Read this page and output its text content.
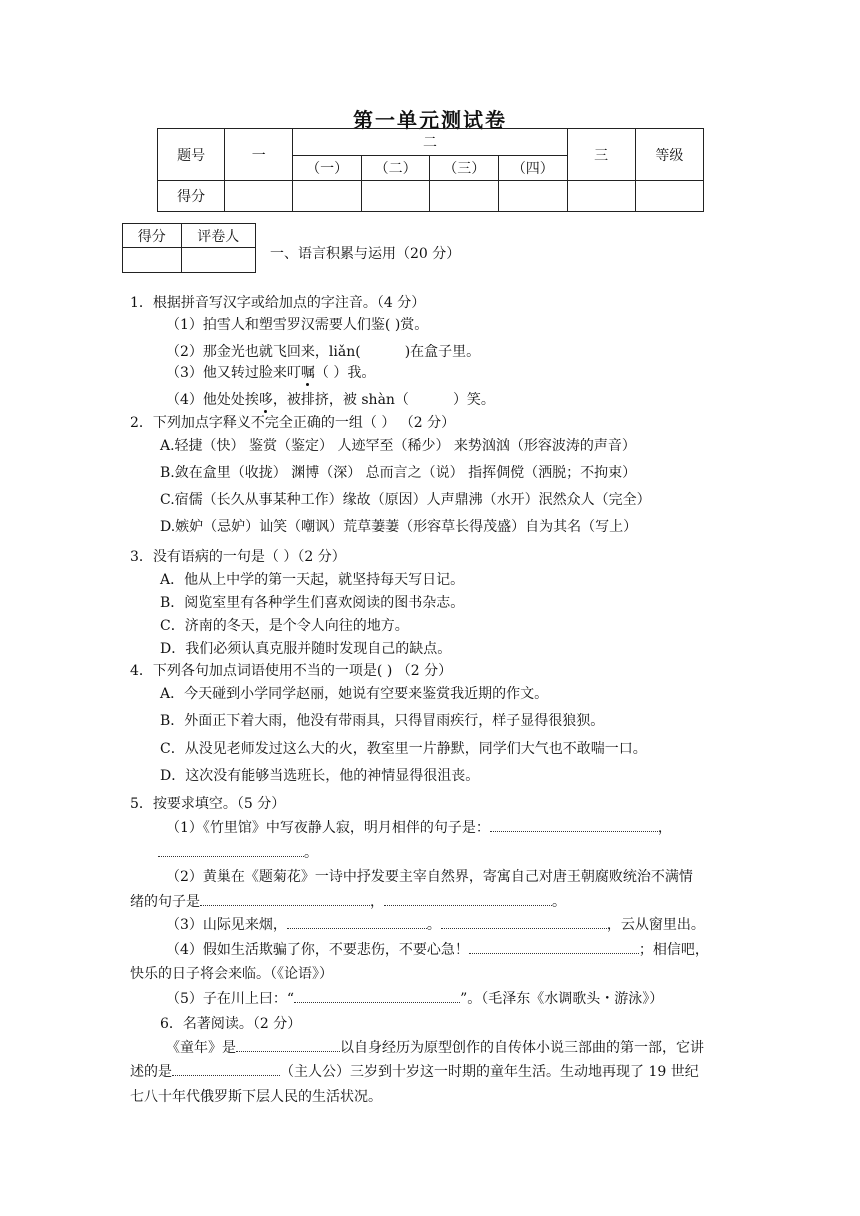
第一单元测试卷
题号	一	二				三	等级
		（一）	（二）	（三）	（四）		
得分							
得分	评卷人

一、语言积累与运用（20 分）
1．根据拼音写汉字或给加点的字注音。（4 分）
（1）拍雪人和塑雪罗汉需要人们鉴( )赏。
（2）那金光也就飞回来，liǎn(	)在盒子里。
（3）他又转过脸来叮嘱（ ）我。
（4）他处处挨哆，被排挤，被 shàn（	）笑。
2．下列加点字释义不完全正确的一组（ ） （2 分）
A.轻捷（快） 鉴赏（鉴定） 人迹罕至（稀少） 来势汹汹（形容波涛的声音）
B.敛在盒里（收拢） 渊博（深） 总而言之（说） 指挥倜傥（洒脱；不拘束）
C.宿儒（长久从事某种工作）缘故（原因）人声鼎沸（水开）泯然众人（完全）
D.嫉妒（忌妒）讪笑（嘲讽）荒草萋萋（形容草长得茂盛）自为其名（写上）
3．没有语病的一句是（ ）（2 分）
A．他从上中学的第一天起，就坚持每天写日记。
B．阅览室里有各种学生们喜欢阅读的图书杂志。
C．济南的冬天，是个令人向往的地方。
D．我们必须认真克服并随时发现自己的缺点。
4．下列各句加点词语使用不当的一项是( ) （2 分）
A．今天碰到小学同学赵丽，她说有空要来鉴赏我近期的作文。
B．外面正下着大雨，他没有带雨具，只得冒雨疾行，样子显得很狼狈。
C．从没见老师发过这么大的火，教室里一片静默，同学们大气也不敢喘一口。
D．这次没有能够当选班长，他的神情显得很沮丧。
5．按要求填空。（5 分）
（1）《竹里馆》中写夜静人寂，明月相伴的句子是：	，
。
（2）黄巢在《题菊花》一诗中抒发要主宰自然界，寄寓自己对唐王朝腐败统治不满情
绪的句子是	，	。
（3）山际见来烟，	。	，云从窗里出。
（4）假如生活欺骗了你，不要悲伤，不要心急！	；相信吧，
快乐的日子将会来临。（《论语》）
（5）子在川上曰：“	”。（毛泽东《水调歌头・游泳》）
6．名著阅读。（2 分）
《童年》是	以自身经历为原型创作的自传体小说三部曲的第一部，它讲
述的是	（主人公）三岁到十岁这一时期的童年生活。生动地再现了 19 世纪
七八十年代俄罗斯下层人民的生活状况。
